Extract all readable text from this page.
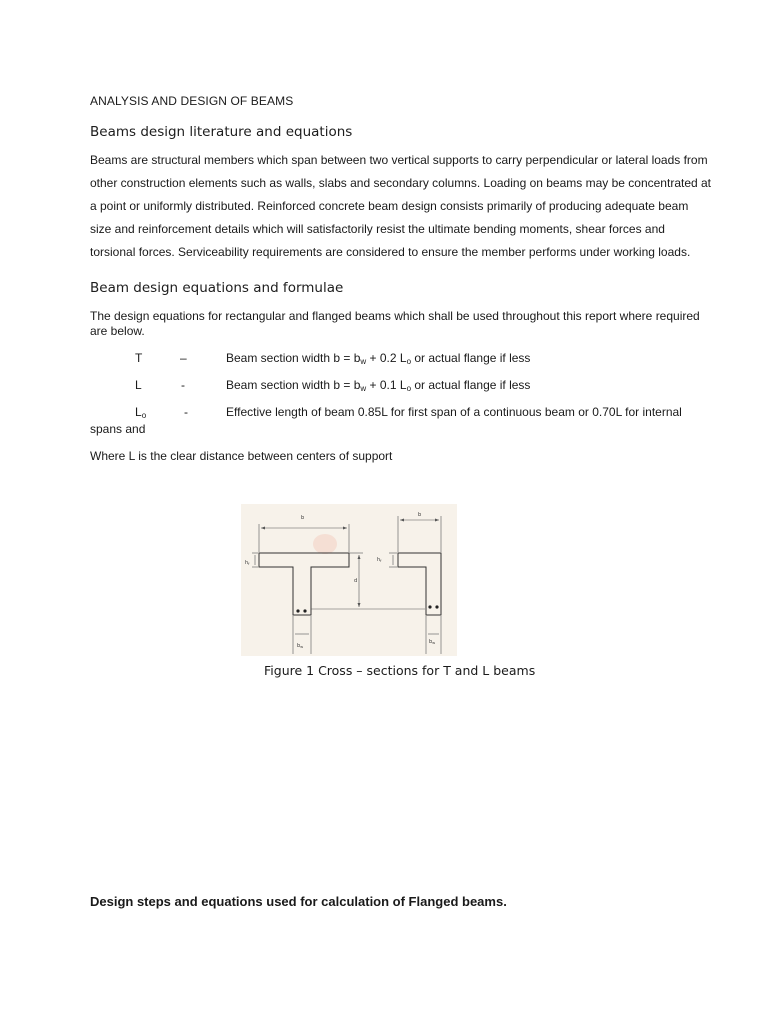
ANALYSIS AND DESIGN OF BEAMS
Beams design literature and equations
Beams are structural members which span between two vertical supports to carry perpendicular or lateral loads from
other construction elements such as walls, slabs and secondary columns. Loading on beams may be concentrated at
a point or uniformly distributed. Reinforced concrete beam design consists primarily of producing adequate beam
size and reinforcement details which will satisfactorily resist the ultimate bending moments, shear forces and
torsional forces. Serviceability requirements are considered to ensure the member performs under working loads.
Beam design equations and formulae
The design equations for rectangular and flanged beams which shall be used throughout this report where required
are below.
T	–	Beam section width $b = b_w + 0.2$ $L_o$ or actual flange if less
L	-	Beam section width $b = b_w + 0.1$ $L_o$ or actual flange if less
$L_o$	-	Effective length of beam 0.85L for first span of a continuous beam or 0.70L for internal
spans and
Where L is the clear distance between centers of support
b	b
$h_f$
$h_f$
d
$b_w$
$b_w$
Figure 1 Cross – sections for T and L beams
Design steps and equations used for calculation of Flanged beams.
